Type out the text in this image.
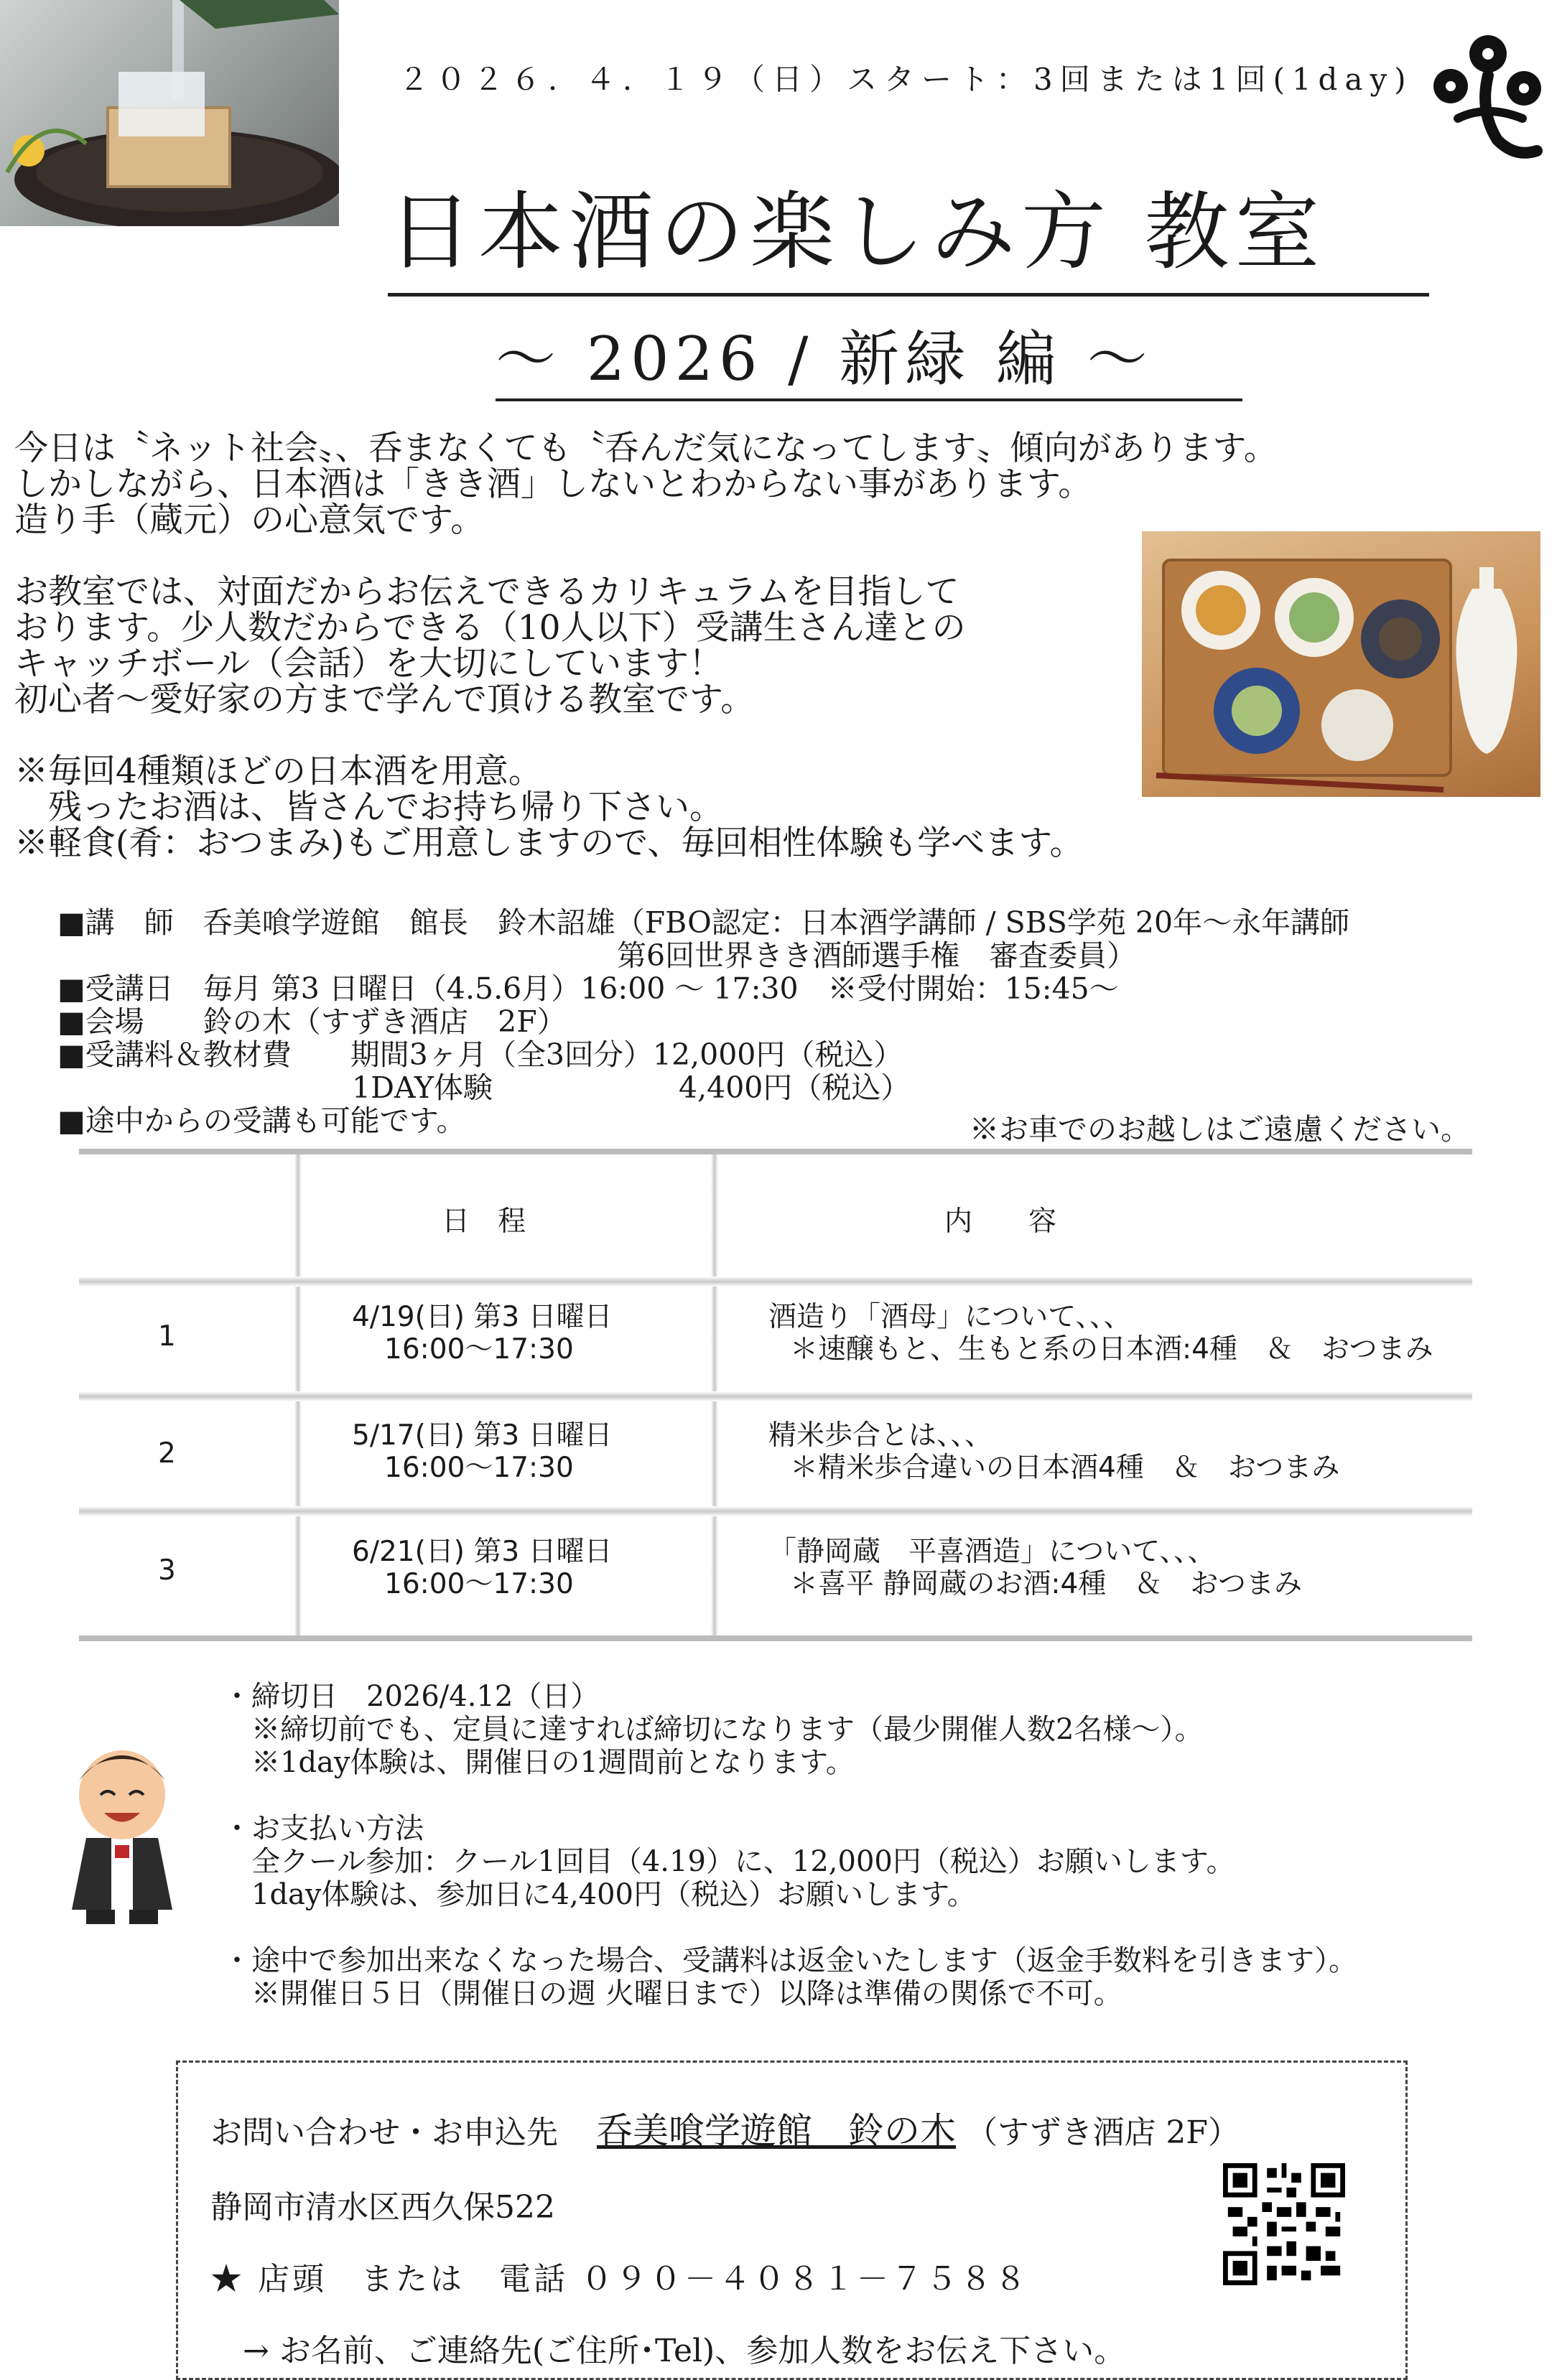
２０２６．４．１９（日）スタート：3回または1回(1day)
日本酒の楽しみ方 教室
～ 2026 / 新緑 編 ～

今日は〝ネット社会〟、呑まなくても〝呑んだ気になってします〟傾向があります。

しかしながら、日本酒は「きき酒」しないとわからない事があります。

造り手（蔵元）の心意気です。

お教室では、対面だからお伝えできるカリキュラムを目指して

おります。少人数だからできる（10人以下）受講生さん達との

キャッチボール（会話）を大切にしています！

初心者～愛好家の方まで学んで頂ける教室です。

※毎回4種類ほどの日本酒を用意。

　残ったお酒は、皆さんでお持ち帰り下さい。

※軽食(肴：おつまみ)もご用意しますので、毎回相性体験も学べます。

■講　師　呑美喰学遊館　館長　鈴木詔雄（FBO認定：日本酒学講師 / SBS学苑 20年～永年講師

　　　　　　　　　　　　　　　　　　　第6回世界きき酒師選手権　審査委員）

■受講日　毎月 第3 日曜日（4.5.6月）16:00 ～ 17:30　※受付開始：15:45～

■会場　　鈴の木（すずき酒店　2F）

■受講料＆教材費　　期間3ヶ月（全3回分）12,000円（税込）

　　　　　　　　　　1DAY体験　　　　　　 4,400円（税込）

■途中からの受講も可能です。	※お車でのお越しはご遠慮ください。
日　程	内　　容
1
4/19(日) 第3 日曜日
16:00～17:30
酒造り「酒母」について、、、
＊速醸もと、生もと系の日本酒:4種　＆　おつまみ
2
5/17(日) 第3 日曜日
16:00～17:30
精米歩合とは、、、
＊精米歩合違いの日本酒4種　＆　おつまみ
3
6/21(日) 第3 日曜日
16:00～17:30
「静岡蔵　平喜酒造」について、、、
＊喜平 静岡蔵のお酒:4種　＆　おつまみ

・締切日　2026/4.12（日）

　※締切前でも、定員に達すれば締切になります（最少開催人数2名様～）。

　※1day体験は、開催日の1週間前となります。

・お支払い方法

　全クール参加：クール1回目（4.19）に、12,000円（税込）お願いします。

　1day体験は、参加日に4,400円（税込）お願いします。

・途中で参加出来なくなった場合、受講料は返金いたします（返金手数料を引きます）。

　※開催日５日（開催日の週 火曜日まで）以降は準備の関係で不可。

お問い合わせ・お申込先 呑美喰学遊館　鈴の木 （すずき酒店 2F）

静岡市清水区西久保522

★ 店頭　または　電話 ０９０－４０８１－７５８８

→ お名前、ご連絡先(ご住所･Tel)、参加人数をお伝え下さい。
